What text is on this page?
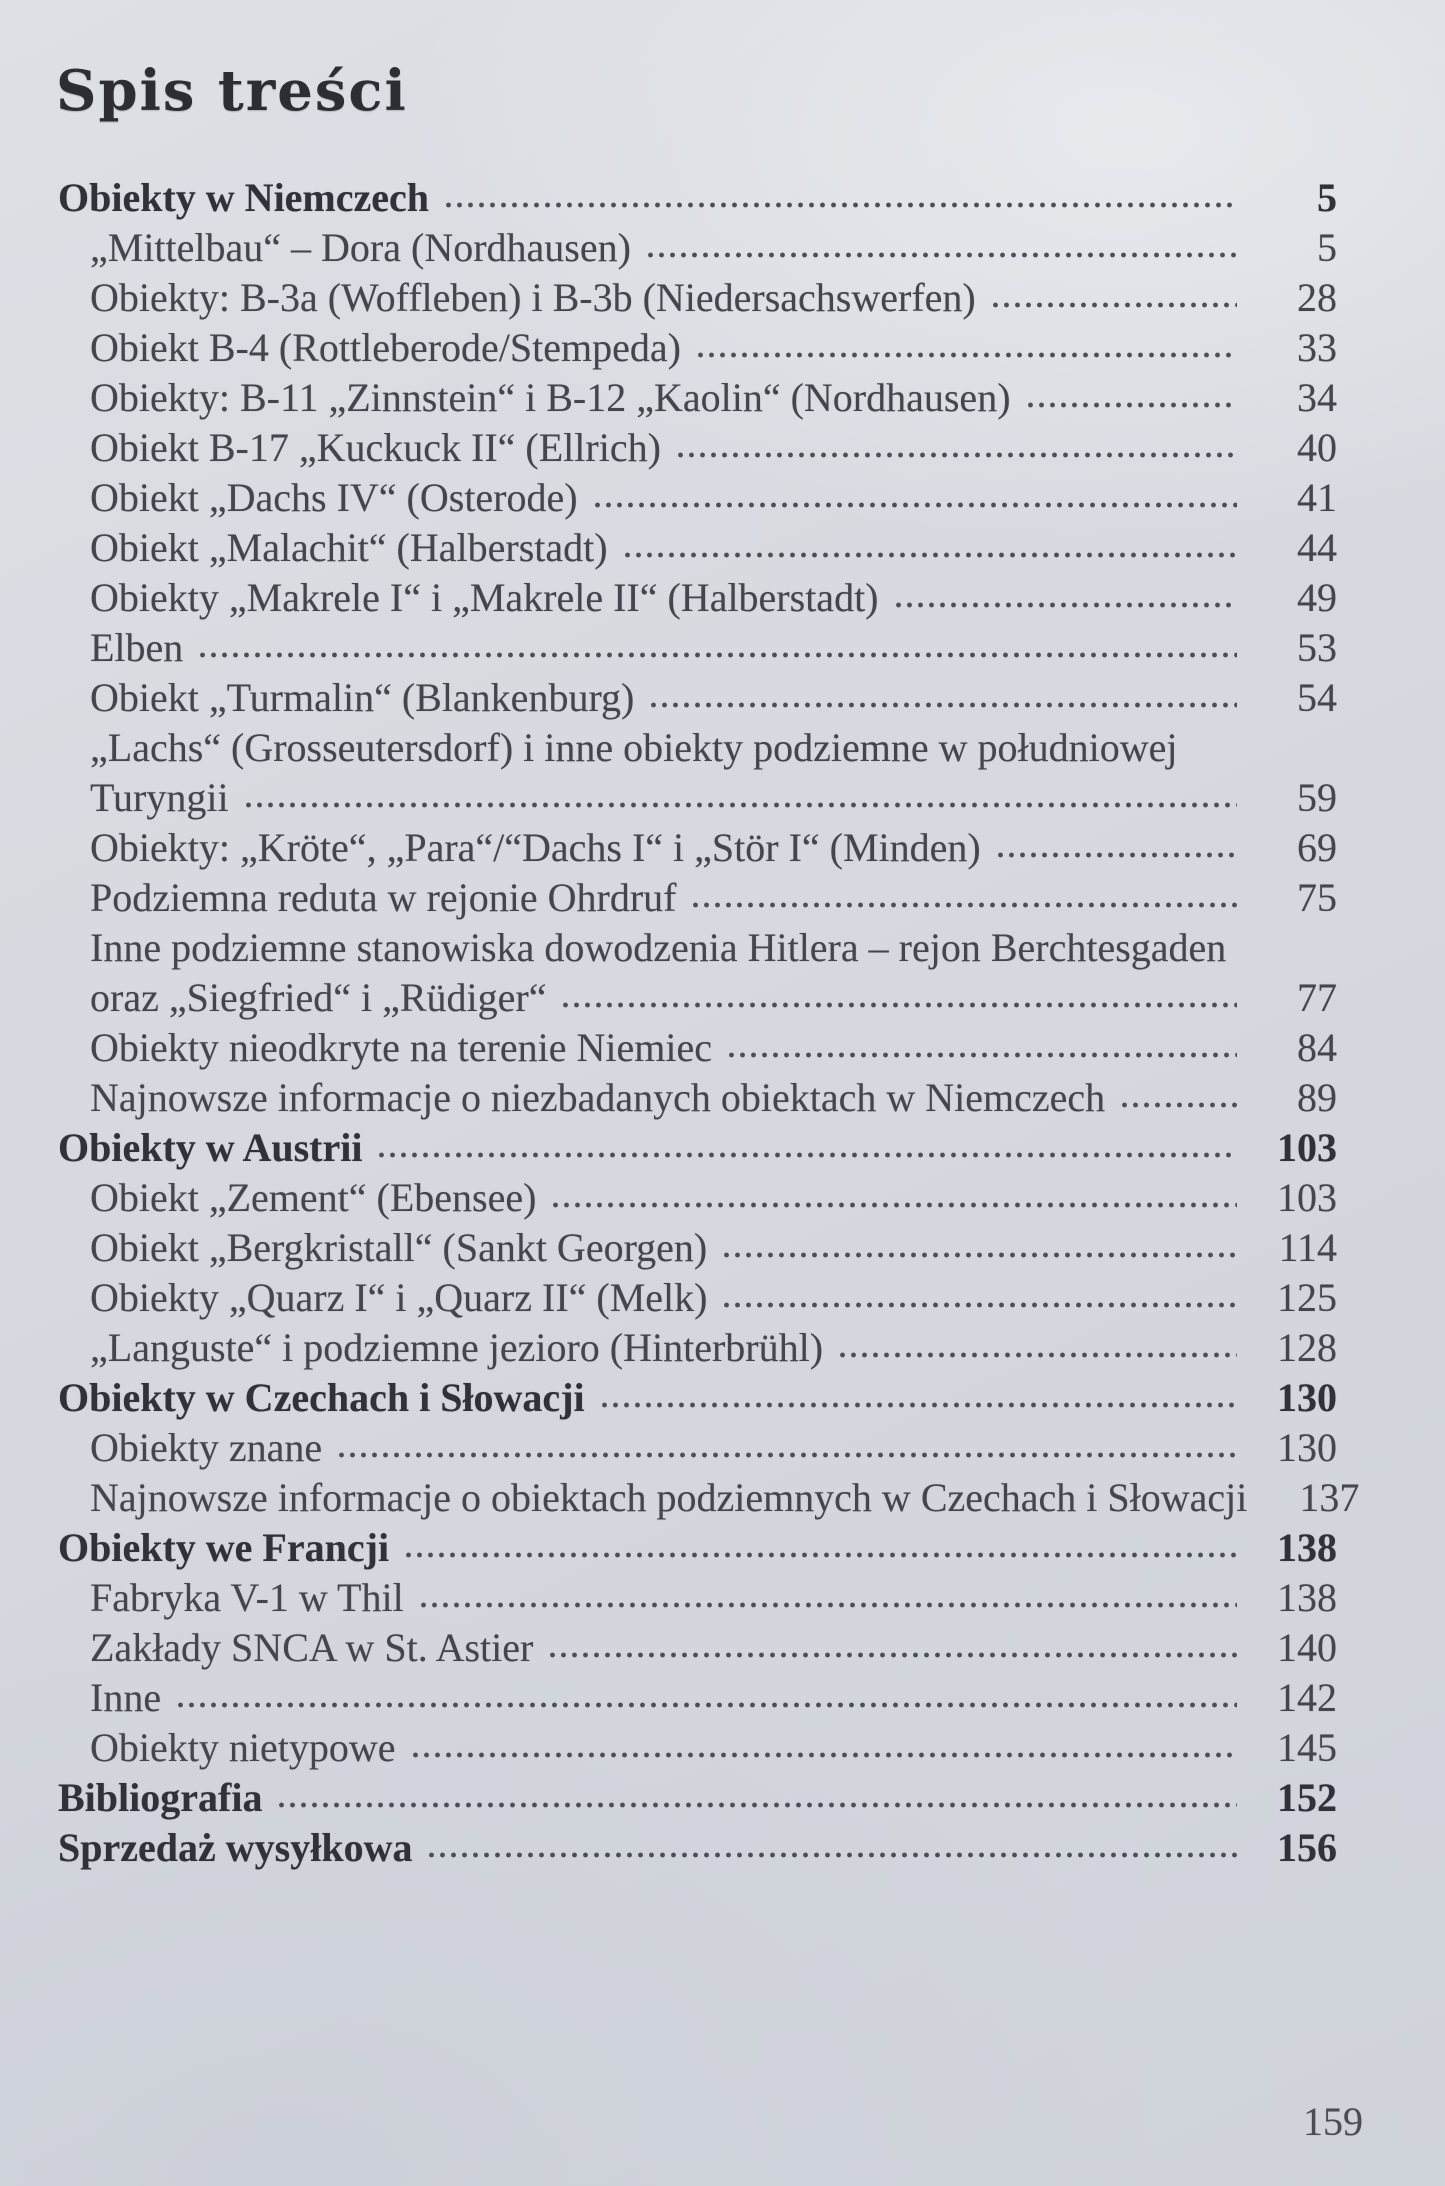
Spis treści
Obiekty w Niemczech	5
„Mittelbau“ – Dora (Nordhausen)	5
Obiekty: B-3a (Woffleben) i B-3b (Niedersachswerfen)	28
Obiekt B-4 (Rottleberode/Stempeda)	33
Obiekty: B-11 „Zinnstein“ i B-12 „Kaolin“ (Nordhausen)	34
Obiekt B-17 „Kuckuck II“ (Ellrich)	40
Obiekt „Dachs IV“ (Osterode)	41
Obiekt „Malachit“ (Halberstadt)	44
Obiekty „Makrele I“ i „Makrele II“ (Halberstadt)	49
Elben	53
Obiekt „Turmalin“ (Blankenburg)	54
„Lachs“ (Grosseutersdorf) i inne obiekty podziemne w południowej
Turyngii	59
Obiekty: „Kröte“, „Para“/“Dachs I“ i „Stör I“ (Minden)	69
Podziemna reduta w rejonie Ohrdruf	75
Inne podziemne stanowiska dowodzenia Hitlera – rejon Berchtesgaden
oraz „Siegfried“ i „Rüdiger“	77
Obiekty nieodkryte na terenie Niemiec	84
Najnowsze informacje o niezbadanych obiektach w Niemczech	89
Obiekty w Austrii	103
Obiekt „Zement“ (Ebensee)	103
Obiekt „Bergkristall“ (Sankt Georgen)	114
Obiekty „Quarz I“ i „Quarz II“ (Melk)	125
„Languste“ i podziemne jezioro (Hinterbrühl)	128
Obiekty w Czechach i Słowacji	130
Obiekty znane	130
Najnowsze informacje o obiektach podziemnych w Czechach i Słowacji	137
Obiekty we Francji	138
Fabryka V-1 w Thil	138
Zakłady SNCA w St. Astier	140
Inne	142
Obiekty nietypowe	145
Bibliografia	152
Sprzedaż wysyłkowa	156
159
